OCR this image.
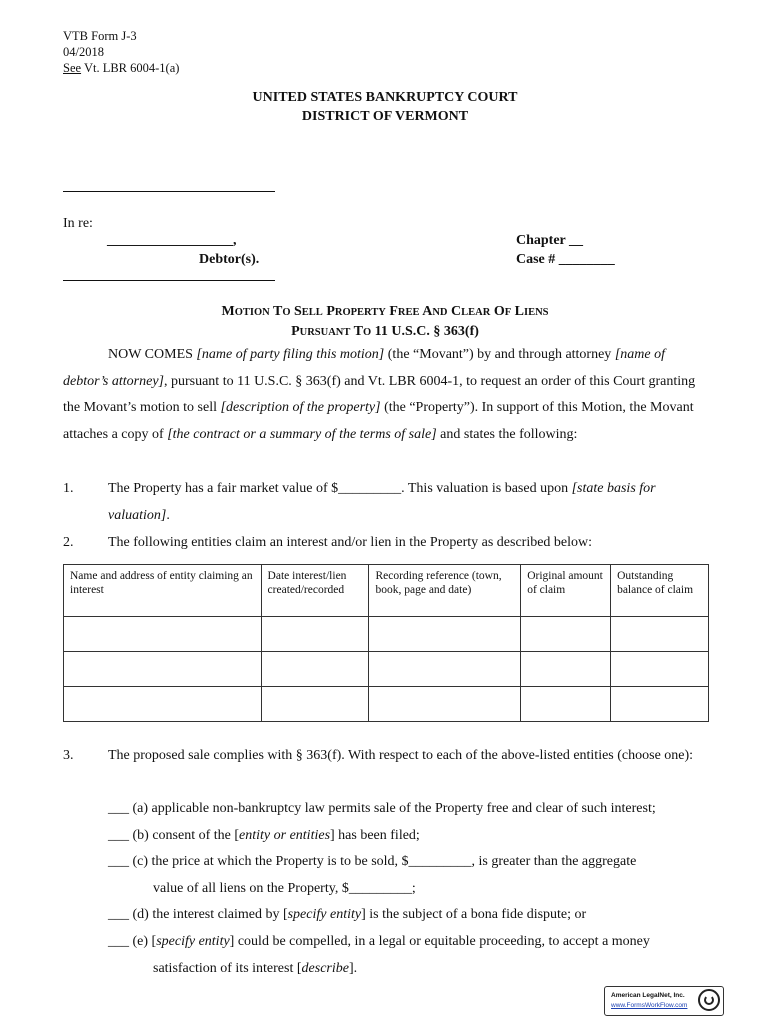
VTB Form J-3
04/2018
See Vt. LBR 6004-1(a)
UNITED STATES BANKRUPTCY COURT
DISTRICT OF VERMONT
In re:
__________________,
Debtor(s).
Chapter __
Case # ________
MOTION TO SELL PROPERTY FREE AND CLEAR OF LIENS
PURSUANT TO 11 U.S.C. § 363(f)
NOW COMES [name of party filing this motion] (the “Movant”) by and through attorney [name of debtor’s attorney], pursuant to 11 U.S.C. § 363(f) and Vt. LBR 6004-1, to request an order of this Court granting the Movant’s motion to sell [description of the property] (the “Property”). In support of this Motion, the Movant attaches a copy of [the contract or a summary of the terms of sale] and states the following:
1. The Property has a fair market value of $_________. This valuation is based upon [state basis for valuation].
2. The following entities claim an interest and/or lien in the Property as described below:
Name and address of entity claiming an interest	Date interest/lien created/recorded	Recording reference (town, book, page and date)	Original amount of claim	Outstanding balance of claim

3. The proposed sale complies with § 363(f). With respect to each of the above-listed entities (choose one):
___ (a) applicable non-bankruptcy law permits sale of the Property free and clear of such interest;
___ (b) consent of the [entity or entities] has been filed;
___ (c) the price at which the Property is to be sold, $_________, is greater than the aggregate
value of all liens on the Property, $_________;
___ (d) the interest claimed by [specify entity] is the subject of a bona fide dispute; or
___ (e) [specify entity] could be compelled, in a legal or equitable proceeding, to accept a money
satisfaction of its interest [describe].
American LegalNet, Inc.
www.FormsWorkFlow.com
